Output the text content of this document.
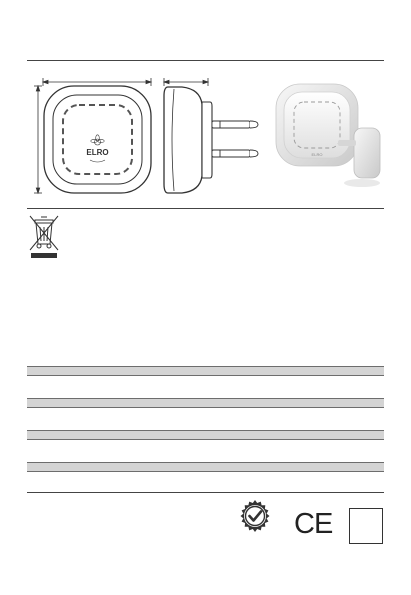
ELRO	ELRO
CE
